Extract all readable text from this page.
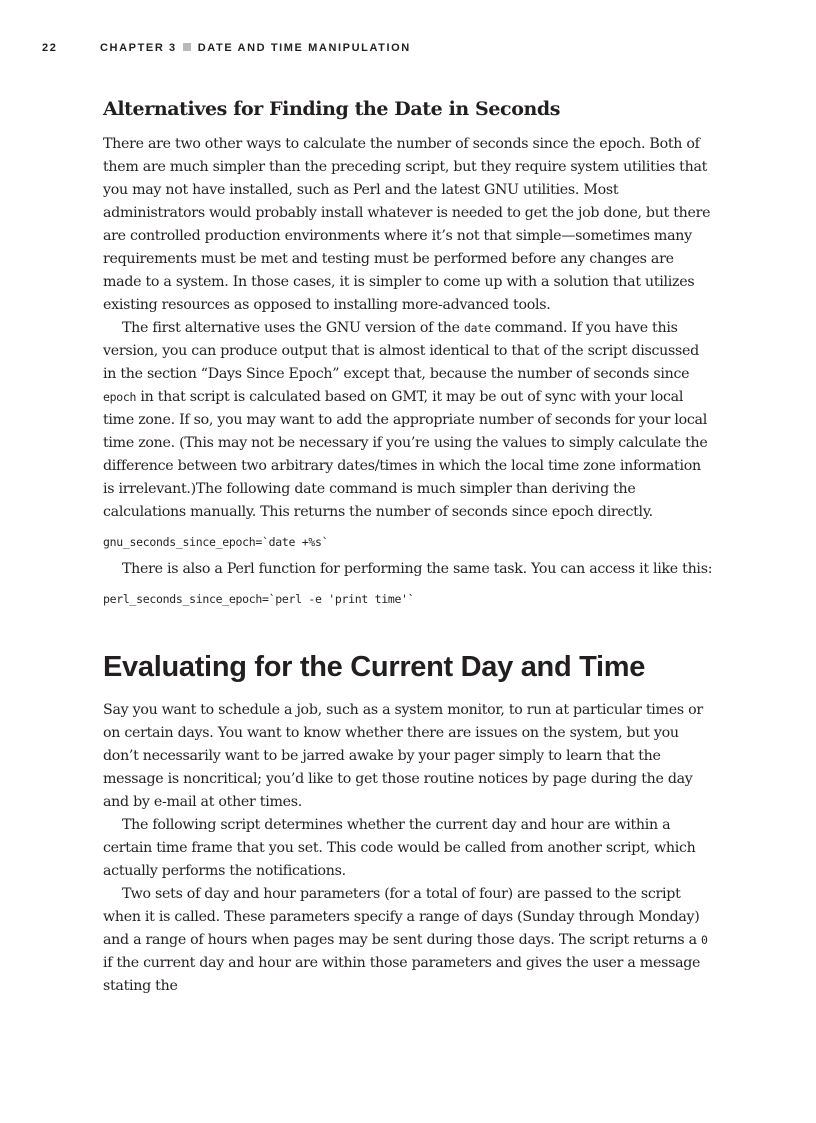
22	CHAPTER 3 DATE AND TIME MANIPULATION
Alternatives for Finding the Date in Seconds

There are two other ways to calculate the number of seconds since the epoch. Both of them are much simpler than the preceding script, but they require system utilities that you may not have installed, such as Perl and the latest GNU utilities. Most administrators would probably install whatever is needed to get the job done, but there are controlled production environments where it’s not that simple—sometimes many requirements must be met and testing must be performed before any changes are made to a system. In those cases, it is simpler to come up with a solution that utilizes existing resources as opposed to installing more-advanced tools.

The first alternative uses the GNU version of the date command. If you have this version, you can produce output that is almost identical to that of the script discussed in the section “Days Since Epoch” except that, because the number of seconds since epoch in that script is calculated based on GMT, it may be out of sync with your local time zone. If so, you may want to add the appropriate number of seconds for your local time zone. (This may not be necessary if you’re using the values to simply calculate the difference between two arbitrary dates/times in which the local time zone information is irrelevant.)The following date command is much simpler than deriving the calculations manually. This returns the number of seconds since epoch directly.

gnu_seconds_since_epoch=`date +%s`

There is also a Perl function for performing the same task. You can access it like this:

perl_seconds_since_epoch=`perl -e 'print time'`
Evaluating for the Current Day and Time

Say you want to schedule a job, such as a system monitor, to run at particular times or on certain days. You want to know whether there are issues on the system, but you don’t necessarily want to be jarred awake by your pager simply to learn that the message is noncritical; you’d like to get those routine notices by page during the day and by e-mail at other times.

The following script determines whether the current day and hour are within a certain time frame that you set. This code would be called from another script, which actually performs the notifications.

Two sets of day and hour parameters (for a total of four) are passed to the script when it is called. These parameters specify a range of days (Sunday through Monday) and a range of hours when pages may be sent during those days. The script returns a 0 if the current day and hour are within those parameters and gives the user a message stating the
